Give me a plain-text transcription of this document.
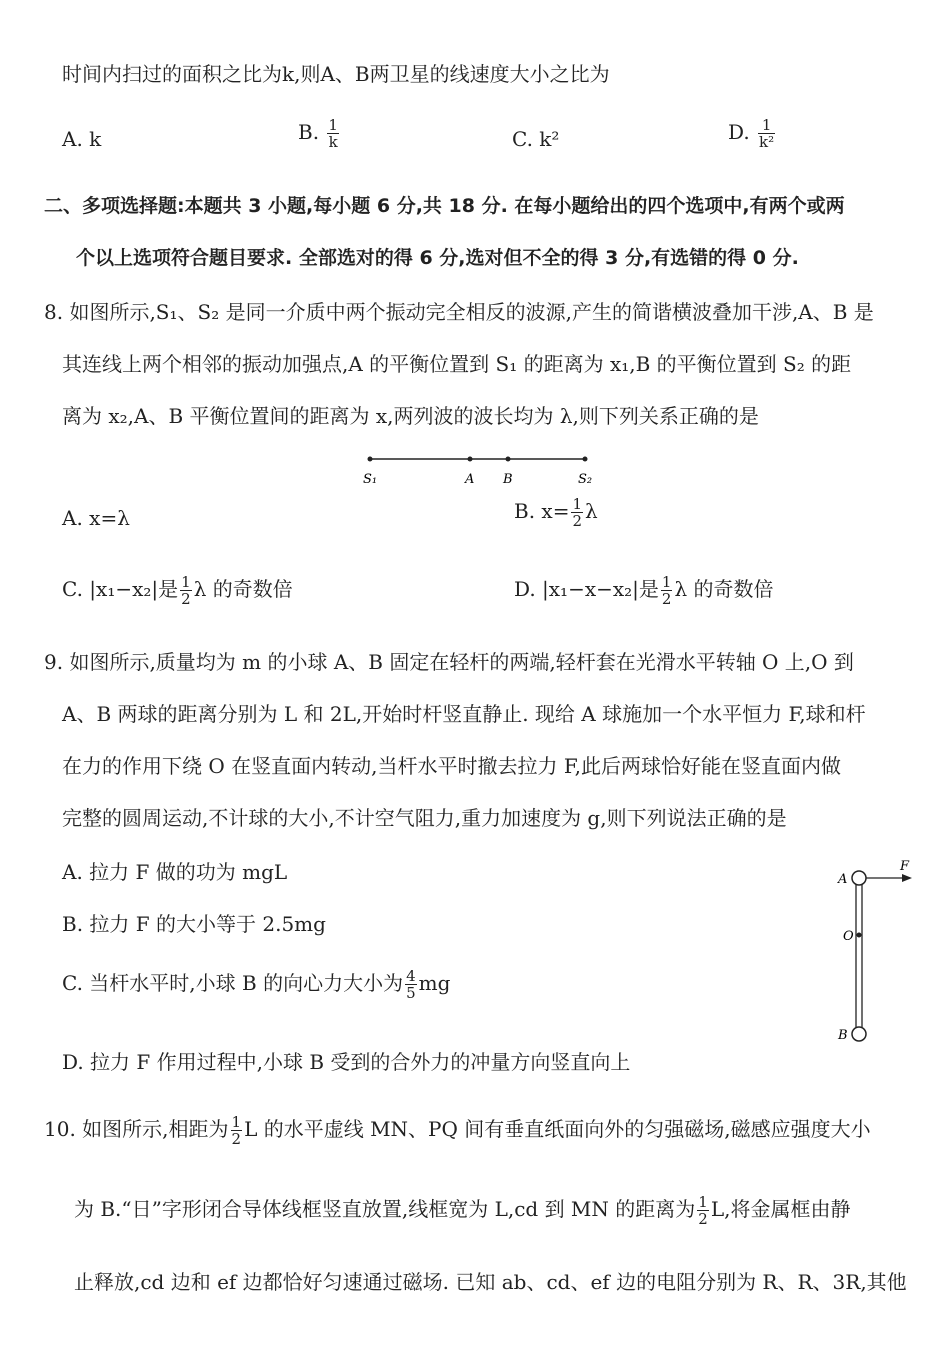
时间内扫过的面积之比为k,则A、B两卫星的线速度大小之比为
A. k	B. $\frac{1}{k}$	C. k²	D. $\frac{1}{\text{k²}}$
二、多项选择题:本题共 3 小题,每小题 6 分,共 18 分. 在每小题给出的四个选项中,有两个或两
个以上选项符合题目要求. 全部选对的得 6 分,选对但不全的得 3 分,有选错的得 0 分.
8. 如图所示,S₁、S₂ 是同一介质中两个振动完全相反的波源,产生的简谐横波叠加干涉,A、B 是
其连线上两个相邻的振动加强点,A 的平衡位置到 S₁ 的距离为 x₁,B 的平衡位置到 S₂ 的距
离为 x₂,A、B 平衡位置间的距离为 x,两列波的波长均为 λ,则下列关系正确的是
S₁	A B	S₂
A. x=λ	B. $x= \frac{1}{2}$ λ
C. |x₁−x₂|是 $\frac{1}{2}$ λ 的奇数倍	D. |x₁−x−x₂|是 $\frac{1}{2}$ λ 的奇数倍
9. 如图所示,质量均为 m 的小球 A、B 固定在轻杆的两端,轻杆套在光滑水平转轴 O 上,O 到
A、B 两球的距离分别为 L 和 2L,开始时杆竖直静止. 现给 A 球施加一个水平恒力 F,球和杆
在力的作用下绕 O 在竖直面内转动,当杆水平时撤去拉力 F,此后两球恰好能在竖直面内做
完整的圆周运动,不计球的大小,不计空气阻力,重力加速度为 g,则下列说法正确的是
A. 拉力 F 做的功为 mgL
B. 拉力 F 的大小等于 2.5mg
C. 当杆水平时,小球 B 的向心力大小为 $\frac{4}{5}$ mg
D. 拉力 F 作用过程中,小球 B 受到的合外力的冲量方向竖直向上
A
F
O
B
10. 如图所示,相距为 $\frac{1}{2}$ L 的水平虚线 MN、PQ 间有垂直纸面向外的匀强磁场,磁感应强度大小
为 B.“日”字形闭合导体线框竖直放置,线框宽为 L,cd 到 MN 的距离为 $\frac{1}{2} L$,将金属框由静
止释放,cd 边和 ef 边都恰好匀速通过磁场. 已知 ab、cd、ef 边的电阻分别为 R、R、3R,其他
